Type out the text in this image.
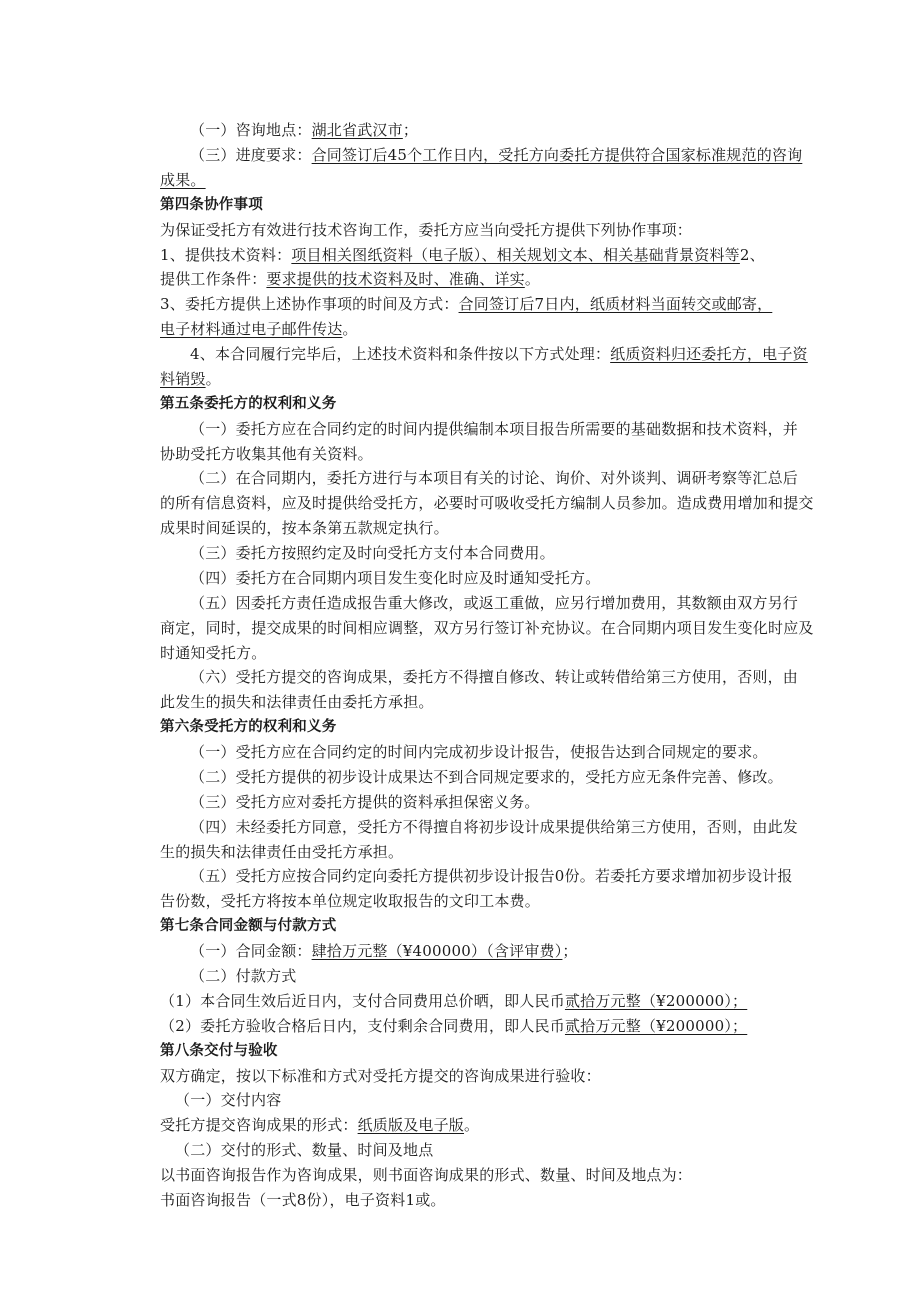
（一）咨询地点：湖北省武汉市；
（三）进度要求：合同签订后45个工作日内，受托方向委托方提供符合国家标准规范的咨询
成果。
第四条协作事项
为保证受托方有效进行技术咨询工作，委托方应当向受托方提供下列协作事项：
1、提供技术资料：项目相关图纸资料（电子版）、相关规划文本、相关基础背景资料等2、
提供工作条件：要求提供的技术资料及时、准确、详实。
3、委托方提供上述协作事项的时间及方式：合同签订后7日内，纸质材料当面转交或邮寄，
电子材料通过电子邮件传达。
4、本合同履行完毕后，上述技术资料和条件按以下方式处理：纸质资料归还委托方，电子资
料销毁。
第五条委托方的权利和义务
（一）委托方应在合同约定的时间内提供编制本项目报告所需要的基础数据和技术资料，并
协助受托方收集其他有关资料。
（二）在合同期内，委托方进行与本项目有关的讨论、询价、对外谈判、调研考察等汇总后
的所有信息资料，应及时提供给受托方，必要时可吸收受托方编制人员参加。造成费用增加和提交
成果时间延误的，按本条第五款规定执行。
（三）委托方按照约定及时向受托方支付本合同费用。
（四）委托方在合同期内项目发生变化时应及时通知受托方。
（五）因委托方责任造成报告重大修改，或返工重做，应另行增加费用，其数额由双方另行
商定，同时，提交成果的时间相应调整，双方另行签订补充协议。在合同期内项目发生变化时应及
时通知受托方。
（六）受托方提交的咨询成果，委托方不得擅自修改、转让或转借给第三方使用，否则，由
此发生的损失和法律责任由委托方承担。
第六条受托方的权利和义务
（一）受托方应在合同约定的时间内完成初步设计报告，使报告达到合同规定的要求。
（二）受托方提供的初步设计成果达不到合同规定要求的，受托方应无条件完善、修改。
（三）受托方应对委托方提供的资料承担保密义务。
（四）未经委托方同意，受托方不得擅自将初步设计成果提供给第三方使用，否则，由此发
生的损失和法律责任由受托方承担。
（五）受托方应按合同约定向委托方提供初步设计报告0份。若委托方要求增加初步设计报
告份数，受托方将按本单位规定收取报告的文印工本费。
第七条合同金额与付款方式
（一）合同金额：肆拾万元整（¥400000）（含评审费）；
（二）付款方式
（1）本合同生效后近日内，支付合同费用总价晒，即人民币贰拾万元整（¥200000）；
（2）委托方验收合格后日内，支付剩余合同费用，即人民币贰拾万元整（¥200000）；
第八条交付与验收
双方确定，按以下标准和方式对受托方提交的咨询成果进行验收：
（一）交付内容
受托方提交咨询成果的形式：纸质版及电子版。
（二）交付的形式、数量、时间及地点
以书面咨询报告作为咨询成果，则书面咨询成果的形式、数量、时间及地点为：
书面咨询报告（一式8份），电子资料1或。
